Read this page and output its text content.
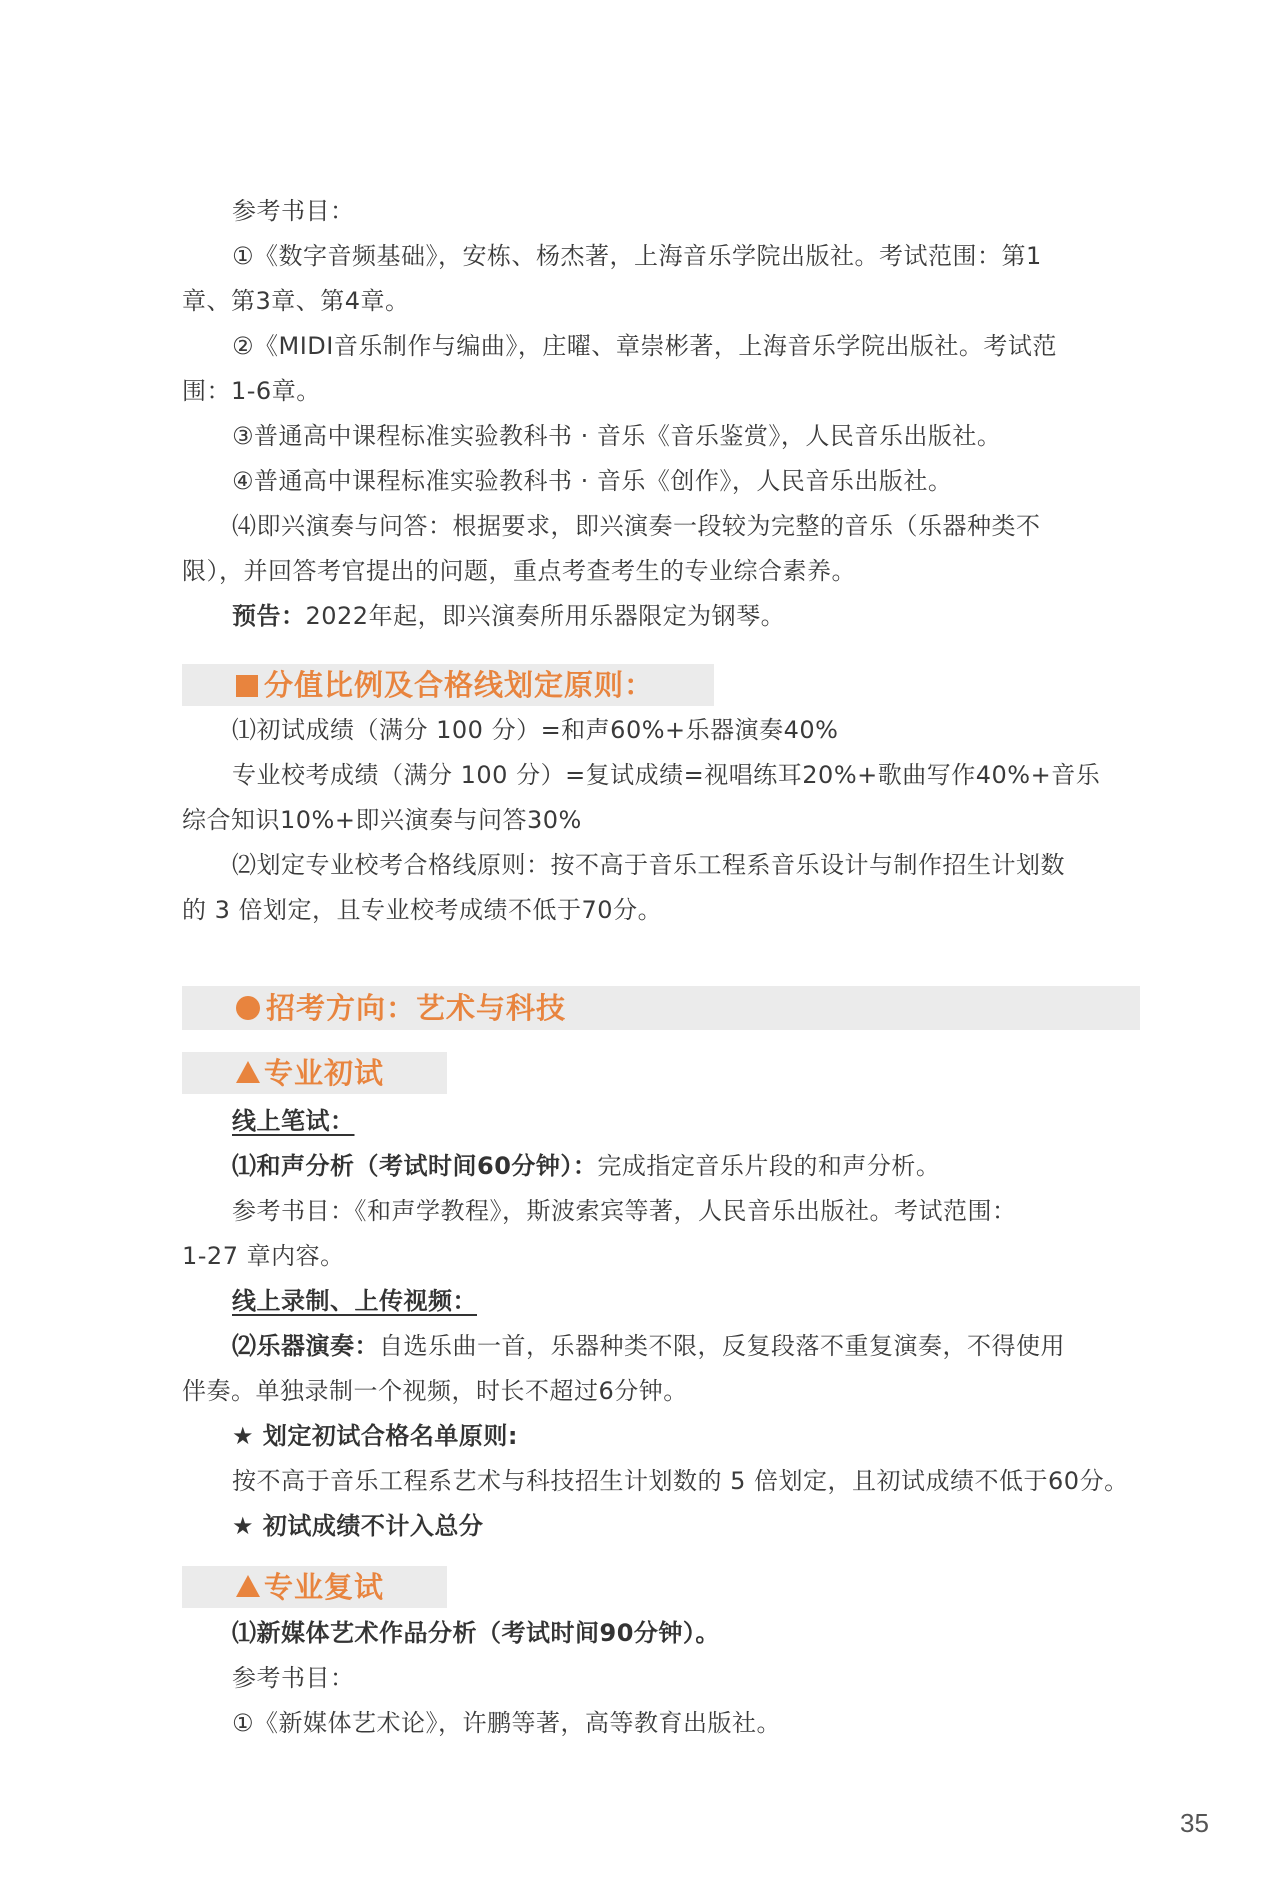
参考书目：
①《数字音频基础》，安栋、杨杰著，上海音乐学院出版社。考试范围：第1
章、第3章、第4章。
②《MIDI音乐制作与编曲》，庄曜、章崇彬著，上海音乐学院出版社。考试范
围：1-6章。
③普通高中课程标准实验教科书 · 音乐《音乐鉴赏》，人民音乐出版社。
④普通高中课程标准实验教科书 · 音乐《创作》，人民音乐出版社。
⑷即兴演奏与问答：根据要求，即兴演奏一段较为完整的音乐（乐器种类不
限），并回答考官提出的问题，重点考查考生的专业综合素养。
预告：2022年起，即兴演奏所用乐器限定为钢琴。
分值比例及合格线划定原则：
⑴初试成绩（满分 100 分）=和声60%+乐器演奏40%
专业校考成绩（满分 100 分）=复试成绩=视唱练耳20%+歌曲写作40%+音乐
综合知识10%+即兴演奏与问答30%
⑵划定专业校考合格线原则：按不高于音乐工程系音乐设计与制作招生计划数
的 3 倍划定，且专业校考成绩不低于70分。
招考方向：艺术与科技
专业初试
线上笔试：
⑴和声分析（考试时间60分钟）：完成指定音乐片段的和声分析。
参考书目：《和声学教程》，斯波索宾等著，人民音乐出版社。考试范围：
1-27 章内容。
线上录制、上传视频：
⑵乐器演奏：自选乐曲一首，乐器种类不限，反复段落不重复演奏，不得使用
伴奏。单独录制一个视频，时长不超过6分钟。
★ 划定初试合格名单原则:
按不高于音乐工程系艺术与科技招生计划数的 5 倍划定，且初试成绩不低于60分。
★ 初试成绩不计入总分
专业复试
⑴新媒体艺术作品分析（考试时间90分钟）。
参考书目：
①《新媒体艺术论》，许鹏等著，高等教育出版社。
35
